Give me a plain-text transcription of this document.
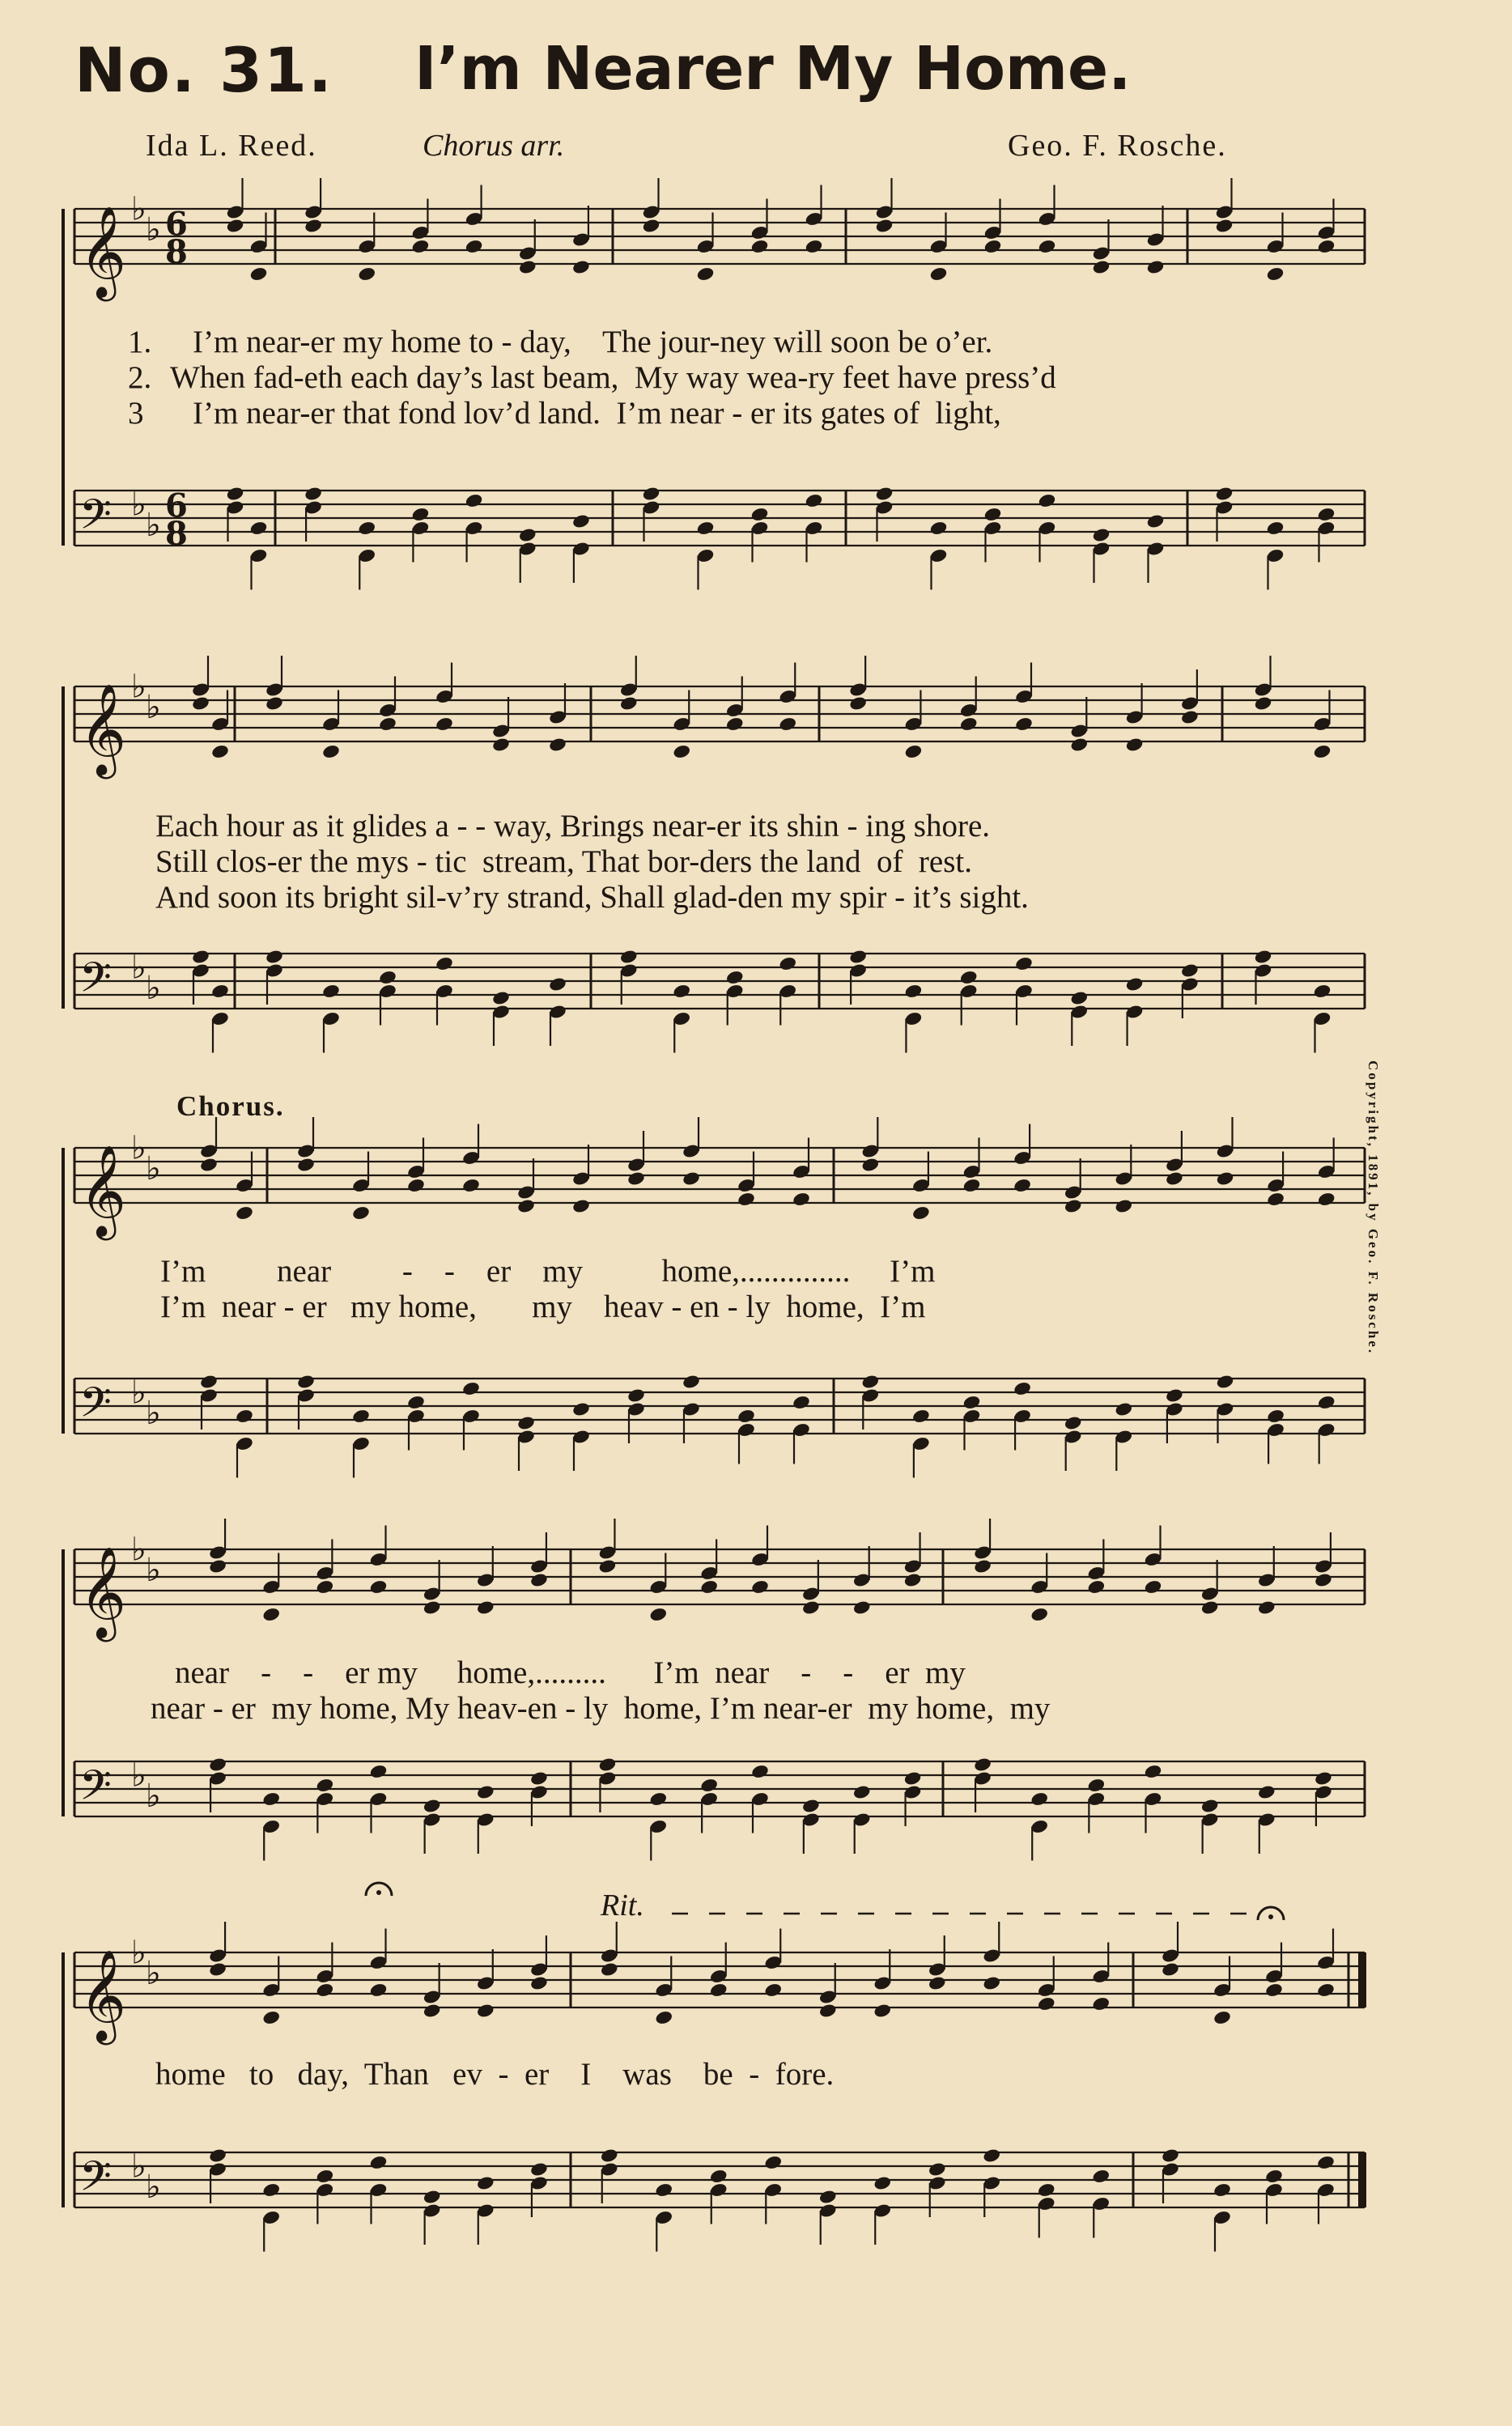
No. 31. I’m Nearer My Home.
Ida L. Reed.	Chorus arr.	Geo. F. Rosche.
𝄞 ♭
♭ 6
8
𝄢 ♭
♭
6
8
𝄞 ♭
♭
𝄢 ♭
♭
𝄞 ♭
♭
𝄢 ♭
♭
𝄞 ♭
♭
𝄢 ♭
♭
𝄞 ♭
♭
𝄢 ♭
♭
1.
2.
3
I’m near-er my home to - day,    The jour-ney will soon be o’er.
When fad-eth each day’s last beam,  My way wea-ry feet have press’d
I’m near-er that fond lov’d land.  I’m near - er its gates of  light,
Each hour as it glides a - - way, Brings near-er its shin - ing shore.
Still clos-er the mys - tic  stream, That bor-ders the land  of  rest.
And soon its bright sil-v’ry strand, Shall glad-den my spir - it’s sight.
Chorus.	Copyright, 1891, by Geo. F. Rosche.
I’m         near         -    -    er    my          home,..............     I’m
I’m  near - er   my home,       my    heav - en - ly  home,  I’m
near    -    -    er my     home,.........      I’m  near    -    -    er  my
near - er  my home, My heav-en - ly  home, I’m near-er  my home,  my
Rit.
home   to   day,  Than   ev  -  er    I    was    be  -  fore.
